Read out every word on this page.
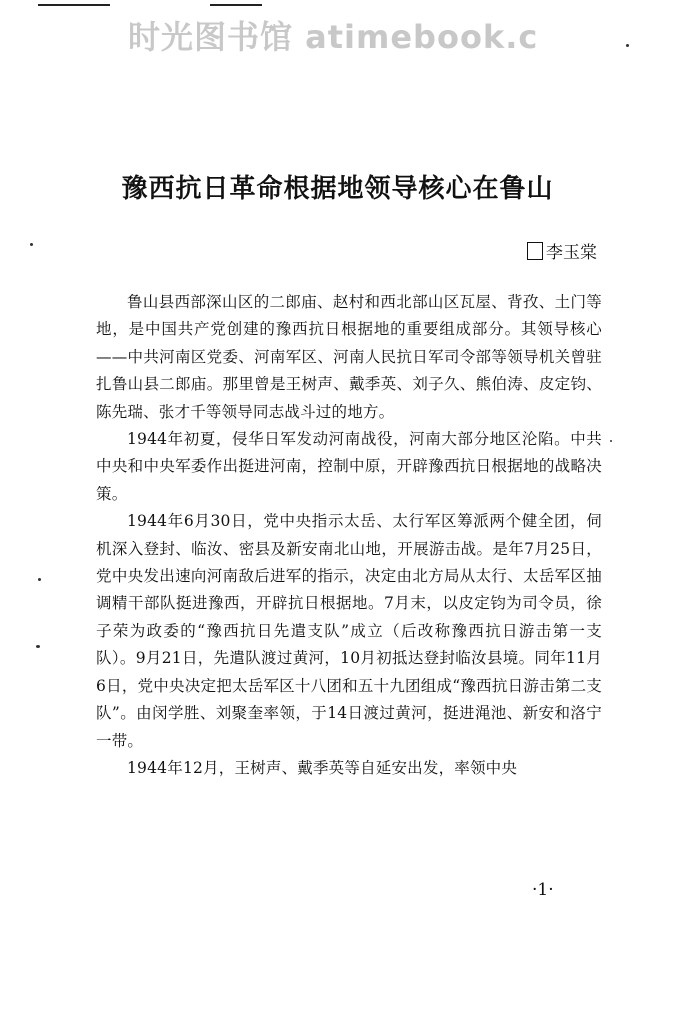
时光图书馆 atimebook.c
豫西抗日革命根据地领导核心在鲁山
李玉棠

鲁山县西部深山区的二郎庙、赵村和西北部山区瓦屋、背孜、土门等地，是中国共产党创建的豫西抗日根据地的重要组成部分。其领导核心——中共河南区党委、河南军区、河南人民抗日军司令部等领导机关曾驻扎鲁山县二郎庙。那里曾是王树声、戴季英、刘子久、熊伯涛、皮定钧、陈先瑞、张才千等领导同志战斗过的地方。

1944年初夏，侵华日军发动河南战役，河南大部分地区沦陷。中共中央和中央军委作出挺进河南，控制中原，开辟豫西抗日根据地的战略决策。

1944年6月30日，党中央指示太岳、太行军区筹派两个健全团，伺机深入登封、临汝、密县及新安南北山地，开展游击战。是年7月25日，党中央发出速向河南敌后进军的指示，决定由北方局从太行、太岳军区抽调精干部队挺进豫西，开辟抗日根据地。7月末，以皮定钧为司令员，徐子荣为政委的“豫西抗日先遣支队”成立（后改称豫西抗日游击第一支队）。9月21日，先遣队渡过黄河，10月初抵达登封临汝县境。同年11月6日，党中央决定把太岳军区十八团和五十九团组成“豫西抗日游击第二支队”。由闵学胜、刘聚奎率领，于14日渡过黄河，挺进渑池、新安和洛宁一带。

1944年12月，王树声、戴季英等自延安出发，率领中央

·1·
